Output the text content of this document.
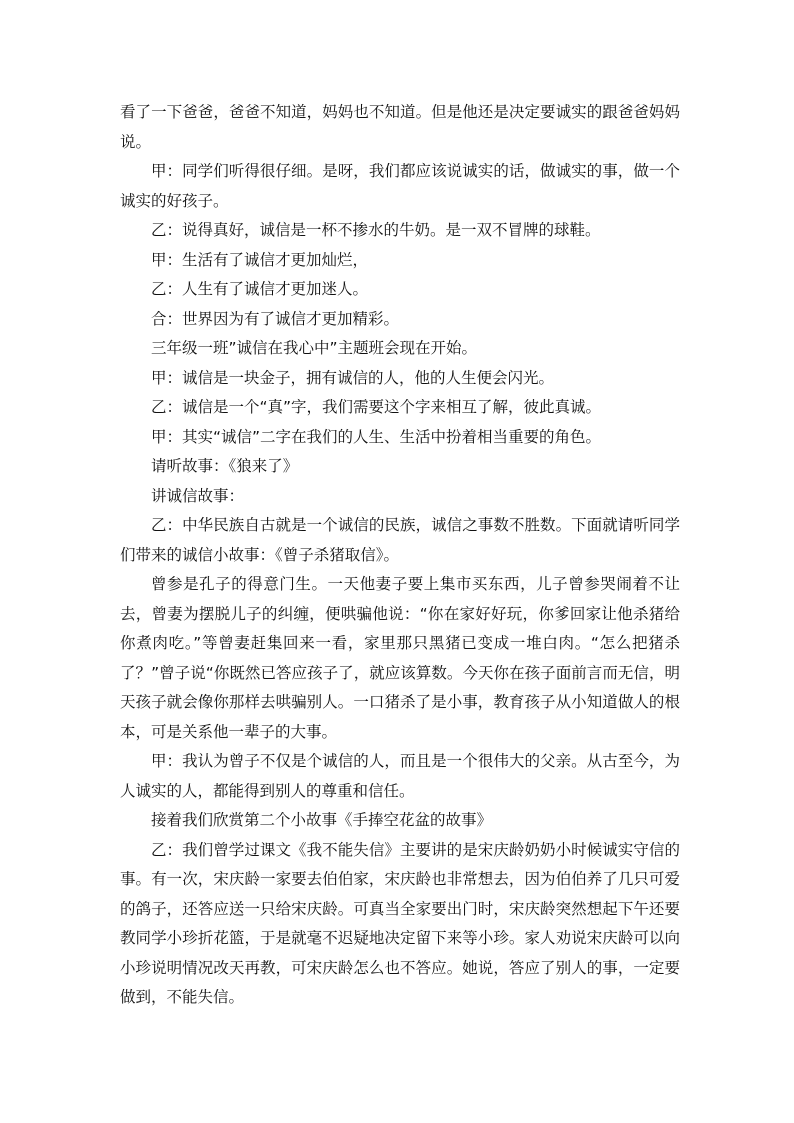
看了一下爸爸，爸爸不知道，妈妈也不知道。但是他还是决定要诚实的跟爸爸妈妈说。

甲：同学们听得很仔细。是呀，我们都应该说诚实的话，做诚实的事，做一个诚实的好孩子。

乙：说得真好，诚信是一杯不掺水的牛奶。是一双不冒牌的球鞋。

甲：生活有了诚信才更加灿烂，

乙：人生有了诚信才更加迷人。

合：世界因为有了诚信才更加精彩。

三年级一班”诚信在我心中”主题班会现在开始。

甲：诚信是一块金子，拥有诚信的人，他的人生便会闪光。

乙：诚信是一个“真”字，我们需要这个字来相互了解，彼此真诚。

甲：其实“诚信”二字在我们的人生、生活中扮着相当重要的角色。

请听故事：《狼来了》

讲诚信故事：

乙：中华民族自古就是一个诚信的民族，诚信之事数不胜数。下面就请听同学们带来的诚信小故事：《曾子杀猪取信》。

曾参是孔子的得意门生。一天他妻子要上集市买东西，儿子曾参哭闹着不让去，曾妻为摆脱儿子的纠缠，便哄骗他说：“你在家好好玩，你爹回家让他杀猪给你煮肉吃。”等曾妻赶集回来一看，家里那只黑猪已变成一堆白肉。“怎么把猪杀了？”曾子说“你既然已答应孩子了，就应该算数。今天你在孩子面前言而无信，明天孩子就会像你那样去哄骗别人。一口猪杀了是小事，教育孩子从小知道做人的根本，可是关系他一辈子的大事。

甲：我认为曾子不仅是个诚信的人，而且是一个很伟大的父亲。从古至今，为人诚实的人，都能得到别人的尊重和信任。

接着我们欣赏第二个小故事《手捧空花盆的故事》

乙：我们曾学过课文《我不能失信》主要讲的是宋庆龄奶奶小时候诚实守信的事。有一次，宋庆龄一家要去伯伯家，宋庆龄也非常想去，因为伯伯养了几只可爱的鸽子，还答应送一只给宋庆龄。可真当全家要出门时，宋庆龄突然想起下午还要教同学小珍折花篮，于是就毫不迟疑地决定留下来等小珍。家人劝说宋庆龄可以向小珍说明情况改天再教，可宋庆龄怎么也不答应。她说，答应了别人的事，一定要做到，不能失信。
